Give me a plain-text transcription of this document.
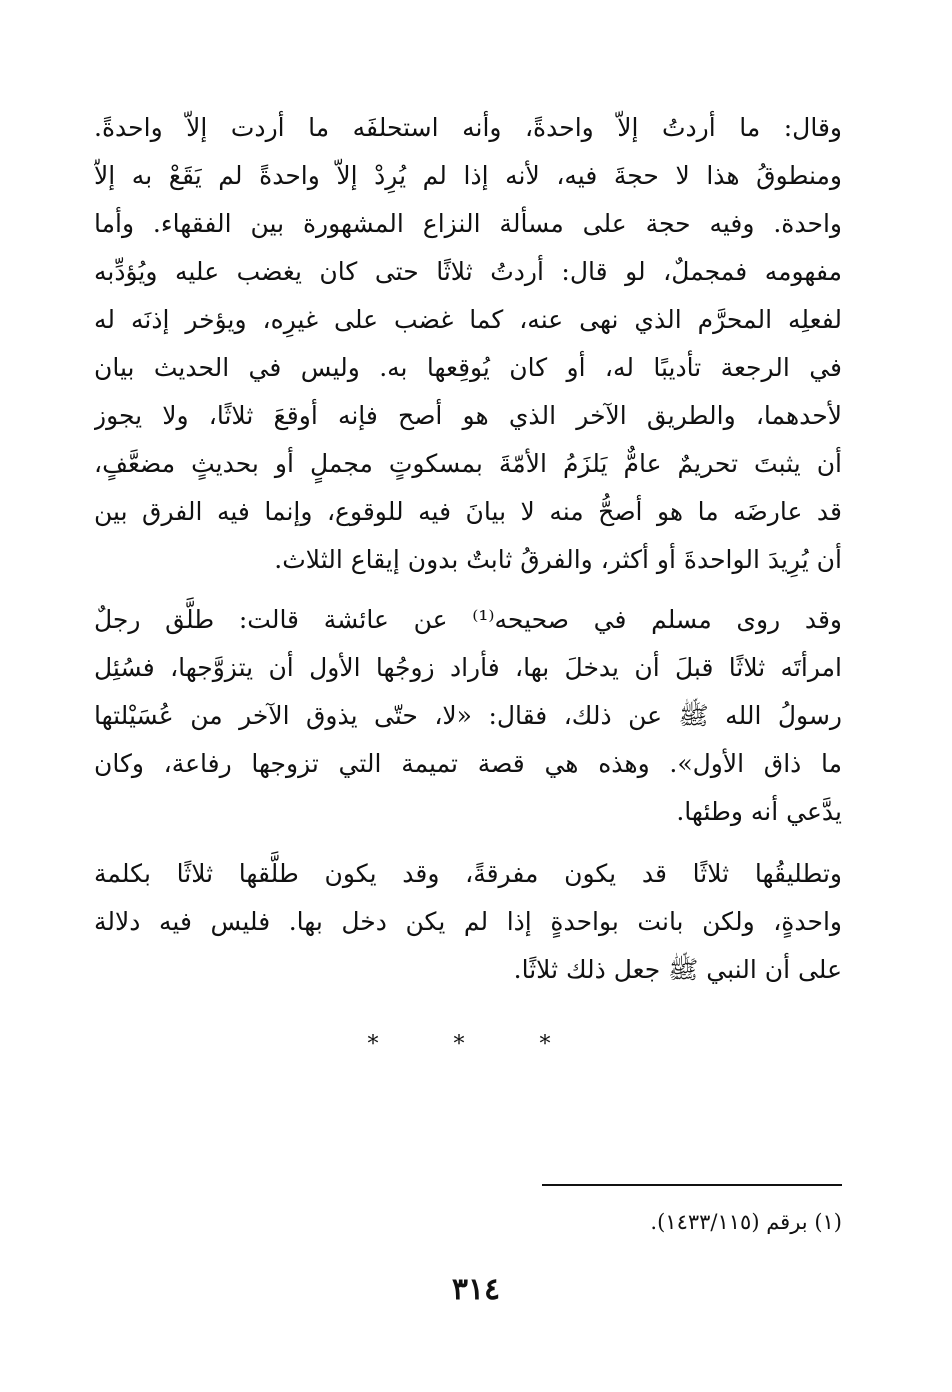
وقال: ما أردتُ إلاّ واحدةً، وأنه استحلفَه ما أردت إلاّ واحدةً.
ومنطوقُ هذا لا حجةَ فيه، لأنه إذا لم يُرِدْ إلاّ واحدةً لم يَقَعْ به إلاّ
واحدة. وفيه حجة على مسألة النزاع المشهورة بين الفقهاء. وأما
مفهومه فمجملٌ، لو قال: أردتُ ثلاثًا حتى كان يغضب عليه ويُؤدِّبه
لفعلِه المحرَّم الذي نهى عنه، كما غضب على غيرِه، ويؤخر إذنَه له
في الرجعة تأديبًا له، أو كان يُوقِعها به. وليس في الحديث بيان
لأحدهما، والطريق الآخر الذي هو أصح فإنه أوقعَ ثلاثًا، ولا يجوز
أن يثبتَ تحريمٌ عامٌّ يَلزَمُ الأمّةَ بمسكوتٍ مجملٍ أو بحديثٍ مضعَّفٍ،
قد عارضَه ما هو أصحُّ منه لا بيانَ فيه للوقوع، وإنما فيه الفرق بين
أن يُرِيدَ الواحدةَ أو أكثر، والفرقُ ثابتٌ بدون إيقاع الثلاث.
وقد روى مسلم في صحيحه⁽¹⁾ عن عائشة قالت: طلَّق رجلٌ
امرأتَه ثلاثًا قبلَ أن يدخلَ بها، فأراد زوجُها الأول أن يتزوَّجها، فسُئِل
رسولُ الله ﷺ عن ذلك، فقال: «لا، حتّى يذوق الآخر من عُسَيْلتها
ما ذاق الأول». وهذه هي قصة تميمة التي تزوجها رفاعة، وكان
يدَّعي أنه وطئها.
وتطليقُها ثلاثًا قد يكون مفرقةً، وقد يكون طلَّقها ثلاثًا بكلمة
واحدةٍ، ولكن بانت بواحدةٍ إذا لم يكن دخل بها. فليس فيه دلالة
على أن النبي ﷺ جعل ذلك ثلاثًا.
* * *
(١) برقم (١٤٣٣/١١٥).
٣١٤
